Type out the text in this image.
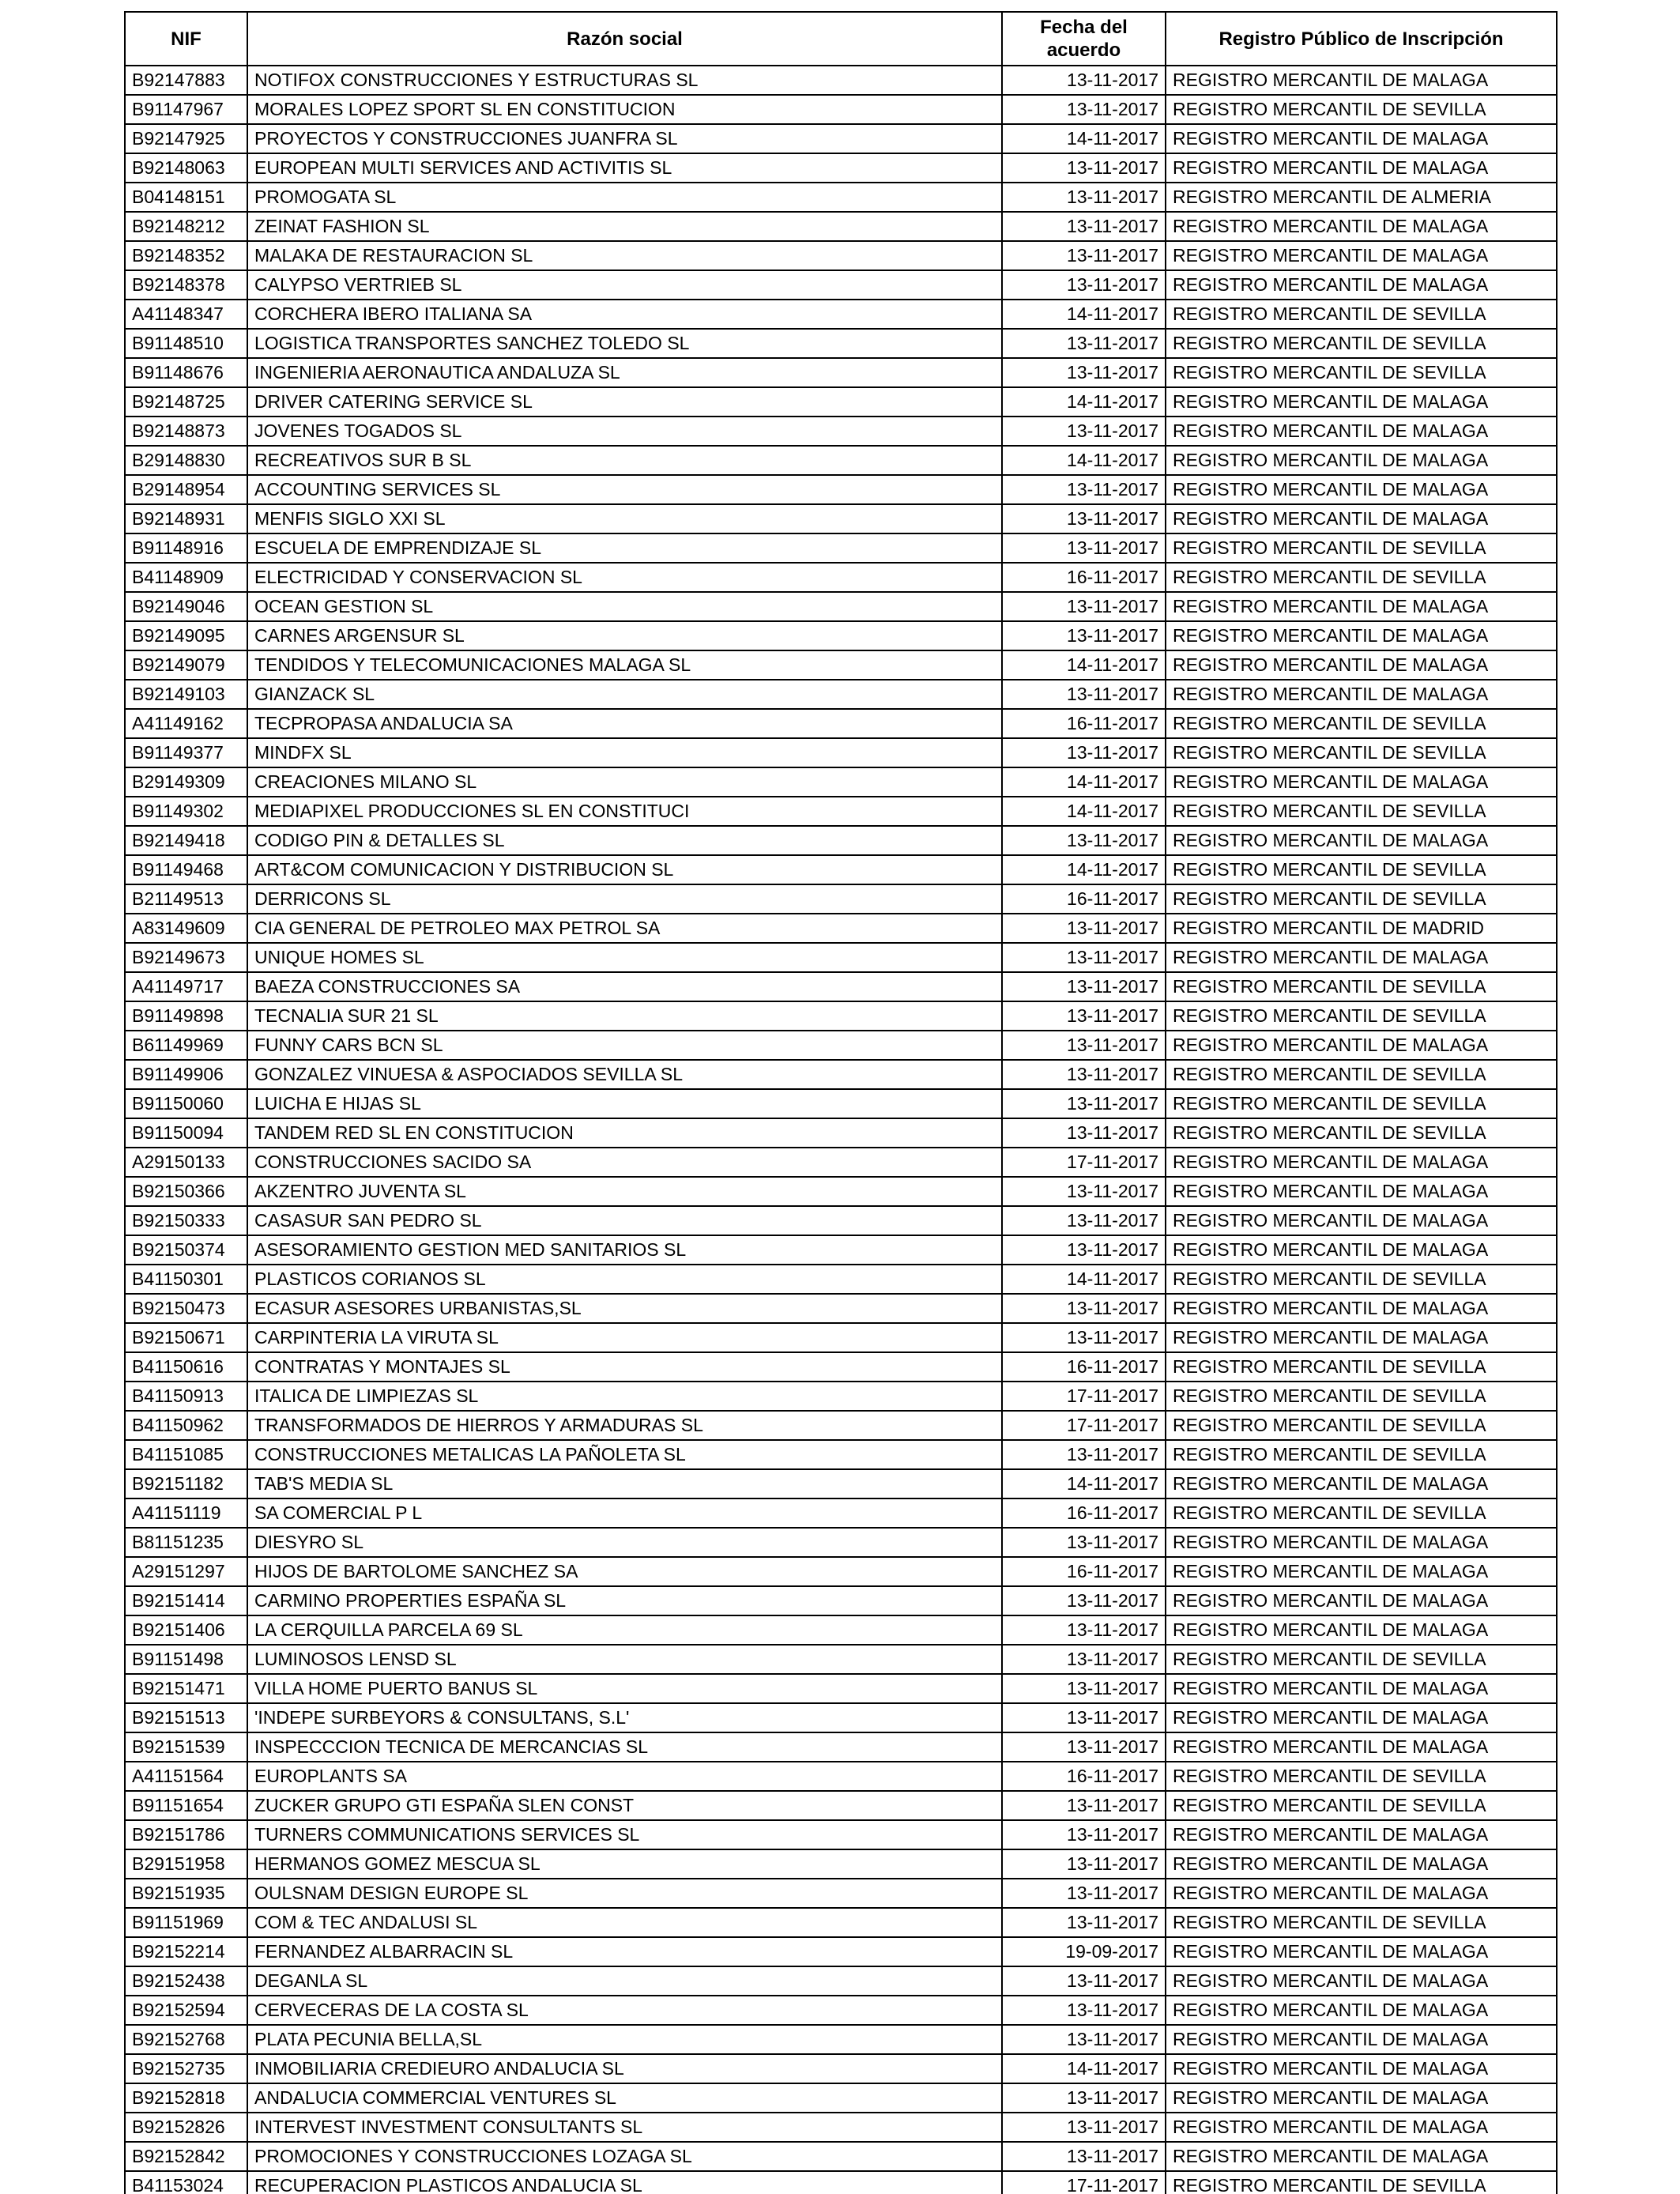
NIF	Razón social	Fecha del acuerdo	Registro Público de Inscripción
B92147883	NOTIFOX CONSTRUCCIONES Y ESTRUCTURAS SL	13-11-2017	REGISTRO MERCANTIL DE MALAGA
B91147967	MORALES LOPEZ SPORT SL EN CONSTITUCION	13-11-2017	REGISTRO MERCANTIL DE SEVILLA
B92147925	PROYECTOS Y CONSTRUCCIONES JUANFRA SL	14-11-2017	REGISTRO MERCANTIL DE MALAGA
B92148063	EUROPEAN MULTI SERVICES AND ACTIVITIS SL	13-11-2017	REGISTRO MERCANTIL DE MALAGA
B04148151	PROMOGATA SL	13-11-2017	REGISTRO MERCANTIL DE ALMERIA
B92148212	ZEINAT FASHION SL	13-11-2017	REGISTRO MERCANTIL DE MALAGA
B92148352	MALAKA DE RESTAURACION SL	13-11-2017	REGISTRO MERCANTIL DE MALAGA
B92148378	CALYPSO VERTRIEB SL	13-11-2017	REGISTRO MERCANTIL DE MALAGA
A41148347	CORCHERA IBERO ITALIANA SA	14-11-2017	REGISTRO MERCANTIL DE SEVILLA
B91148510	LOGISTICA TRANSPORTES SANCHEZ TOLEDO SL	13-11-2017	REGISTRO MERCANTIL DE SEVILLA
B91148676	INGENIERIA AERONAUTICA ANDALUZA SL	13-11-2017	REGISTRO MERCANTIL DE SEVILLA
B92148725	DRIVER CATERING SERVICE SL	14-11-2017	REGISTRO MERCANTIL DE MALAGA
B92148873	JOVENES TOGADOS SL	13-11-2017	REGISTRO MERCANTIL DE MALAGA
B29148830	RECREATIVOS SUR B SL	14-11-2017	REGISTRO MERCANTIL DE MALAGA
B29148954	ACCOUNTING SERVICES SL	13-11-2017	REGISTRO MERCANTIL DE MALAGA
B92148931	MENFIS SIGLO XXI SL	13-11-2017	REGISTRO MERCANTIL DE MALAGA
B91148916	ESCUELA DE EMPRENDIZAJE SL	13-11-2017	REGISTRO MERCANTIL DE SEVILLA
B41148909	ELECTRICIDAD Y CONSERVACION SL	16-11-2017	REGISTRO MERCANTIL DE SEVILLA
B92149046	OCEAN GESTION SL	13-11-2017	REGISTRO MERCANTIL DE MALAGA
B92149095	CARNES ARGENSUR SL	13-11-2017	REGISTRO MERCANTIL DE MALAGA
B92149079	TENDIDOS Y TELECOMUNICACIONES MALAGA SL	14-11-2017	REGISTRO MERCANTIL DE MALAGA
B92149103	GIANZACK SL	13-11-2017	REGISTRO MERCANTIL DE MALAGA
A41149162	TECPROPASA ANDALUCIA SA	16-11-2017	REGISTRO MERCANTIL DE SEVILLA
B91149377	MINDFX SL	13-11-2017	REGISTRO MERCANTIL DE SEVILLA
B29149309	CREACIONES MILANO SL	14-11-2017	REGISTRO MERCANTIL DE MALAGA
B91149302	MEDIAPIXEL PRODUCCIONES SL EN CONSTITUCI	14-11-2017	REGISTRO MERCANTIL DE SEVILLA
B92149418	CODIGO PIN & DETALLES SL	13-11-2017	REGISTRO MERCANTIL DE MALAGA
B91149468	ART&COM COMUNICACION Y DISTRIBUCION SL	14-11-2017	REGISTRO MERCANTIL DE SEVILLA
B21149513	DERRICONS SL	16-11-2017	REGISTRO MERCANTIL DE SEVILLA
A83149609	CIA GENERAL DE PETROLEO MAX PETROL SA	13-11-2017	REGISTRO MERCANTIL DE MADRID
B92149673	UNIQUE HOMES SL	13-11-2017	REGISTRO MERCANTIL DE MALAGA
A41149717	BAEZA CONSTRUCCIONES SA	13-11-2017	REGISTRO MERCANTIL DE SEVILLA
B91149898	TECNALIA SUR 21 SL	13-11-2017	REGISTRO MERCANTIL DE SEVILLA
B61149969	FUNNY CARS BCN SL	13-11-2017	REGISTRO MERCANTIL DE MALAGA
B91149906	GONZALEZ VINUESA & ASPOCIADOS SEVILLA SL	13-11-2017	REGISTRO MERCANTIL DE SEVILLA
B91150060	LUICHA E HIJAS SL	13-11-2017	REGISTRO MERCANTIL DE SEVILLA
B91150094	TANDEM RED SL EN CONSTITUCION	13-11-2017	REGISTRO MERCANTIL DE SEVILLA
A29150133	CONSTRUCCIONES SACIDO SA	17-11-2017	REGISTRO MERCANTIL DE MALAGA
B92150366	AKZENTRO JUVENTA SL	13-11-2017	REGISTRO MERCANTIL DE MALAGA
B92150333	CASASUR SAN PEDRO SL	13-11-2017	REGISTRO MERCANTIL DE MALAGA
B92150374	ASESORAMIENTO GESTION MED SANITARIOS SL	13-11-2017	REGISTRO MERCANTIL DE MALAGA
B41150301	PLASTICOS CORIANOS SL	14-11-2017	REGISTRO MERCANTIL DE SEVILLA
B92150473	ECASUR ASESORES URBANISTAS,SL	13-11-2017	REGISTRO MERCANTIL DE MALAGA
B92150671	CARPINTERIA LA VIRUTA SL	13-11-2017	REGISTRO MERCANTIL DE MALAGA
B41150616	CONTRATAS Y MONTAJES SL	16-11-2017	REGISTRO MERCANTIL DE SEVILLA
B41150913	ITALICA DE LIMPIEZAS SL	17-11-2017	REGISTRO MERCANTIL DE SEVILLA
B41150962	TRANSFORMADOS DE HIERROS Y ARMADURAS SL	17-11-2017	REGISTRO MERCANTIL DE SEVILLA
B41151085	CONSTRUCCIONES METALICAS LA PAÑOLETA SL	13-11-2017	REGISTRO MERCANTIL DE SEVILLA
B92151182	TAB'S MEDIA SL	14-11-2017	REGISTRO MERCANTIL DE MALAGA
A41151119	SA COMERCIAL P L	16-11-2017	REGISTRO MERCANTIL DE SEVILLA
B81151235	DIESYRO SL	13-11-2017	REGISTRO MERCANTIL DE MALAGA
A29151297	HIJOS DE BARTOLOME SANCHEZ SA	16-11-2017	REGISTRO MERCANTIL DE MALAGA
B92151414	CARMINO PROPERTIES ESPAÑA SL	13-11-2017	REGISTRO MERCANTIL DE MALAGA
B92151406	LA CERQUILLA PARCELA 69 SL	13-11-2017	REGISTRO MERCANTIL DE MALAGA
B91151498	LUMINOSOS LENSD SL	13-11-2017	REGISTRO MERCANTIL DE SEVILLA
B92151471	VILLA HOME PUERTO BANUS SL	13-11-2017	REGISTRO MERCANTIL DE MALAGA
B92151513	'INDEPE SURBEYORS & CONSULTANS, S.L'	13-11-2017	REGISTRO MERCANTIL DE MALAGA
B92151539	INSPECCCION TECNICA DE MERCANCIAS SL	13-11-2017	REGISTRO MERCANTIL DE MALAGA
A41151564	EUROPLANTS SA	16-11-2017	REGISTRO MERCANTIL DE SEVILLA
B91151654	ZUCKER GRUPO GTI ESPAÑA SLEN CONST	13-11-2017	REGISTRO MERCANTIL DE SEVILLA
B92151786	TURNERS COMMUNICATIONS SERVICES SL	13-11-2017	REGISTRO MERCANTIL DE MALAGA
B29151958	HERMANOS GOMEZ MESCUA SL	13-11-2017	REGISTRO MERCANTIL DE MALAGA
B92151935	OULSNAM DESIGN EUROPE SL	13-11-2017	REGISTRO MERCANTIL DE MALAGA
B91151969	COM & TEC ANDALUSI SL	13-11-2017	REGISTRO MERCANTIL DE SEVILLA
B92152214	FERNANDEZ ALBARRACIN SL	19-09-2017	REGISTRO MERCANTIL DE MALAGA
B92152438	DEGANLA SL	13-11-2017	REGISTRO MERCANTIL DE MALAGA
B92152594	CERVECERAS DE LA COSTA SL	13-11-2017	REGISTRO MERCANTIL DE MALAGA
B92152768	PLATA PECUNIA BELLA,SL	13-11-2017	REGISTRO MERCANTIL DE MALAGA
B92152735	INMOBILIARIA CREDIEURO ANDALUCIA SL	14-11-2017	REGISTRO MERCANTIL DE MALAGA
B92152818	ANDALUCIA COMMERCIAL VENTURES SL	13-11-2017	REGISTRO MERCANTIL DE MALAGA
B92152826	INTERVEST INVESTMENT CONSULTANTS SL	13-11-2017	REGISTRO MERCANTIL DE MALAGA
B92152842	PROMOCIONES Y CONSTRUCCIONES LOZAGA SL	13-11-2017	REGISTRO MERCANTIL DE MALAGA
B41153024	RECUPERACION PLASTICOS ANDALUCIA SL	17-11-2017	REGISTRO MERCANTIL DE SEVILLA
